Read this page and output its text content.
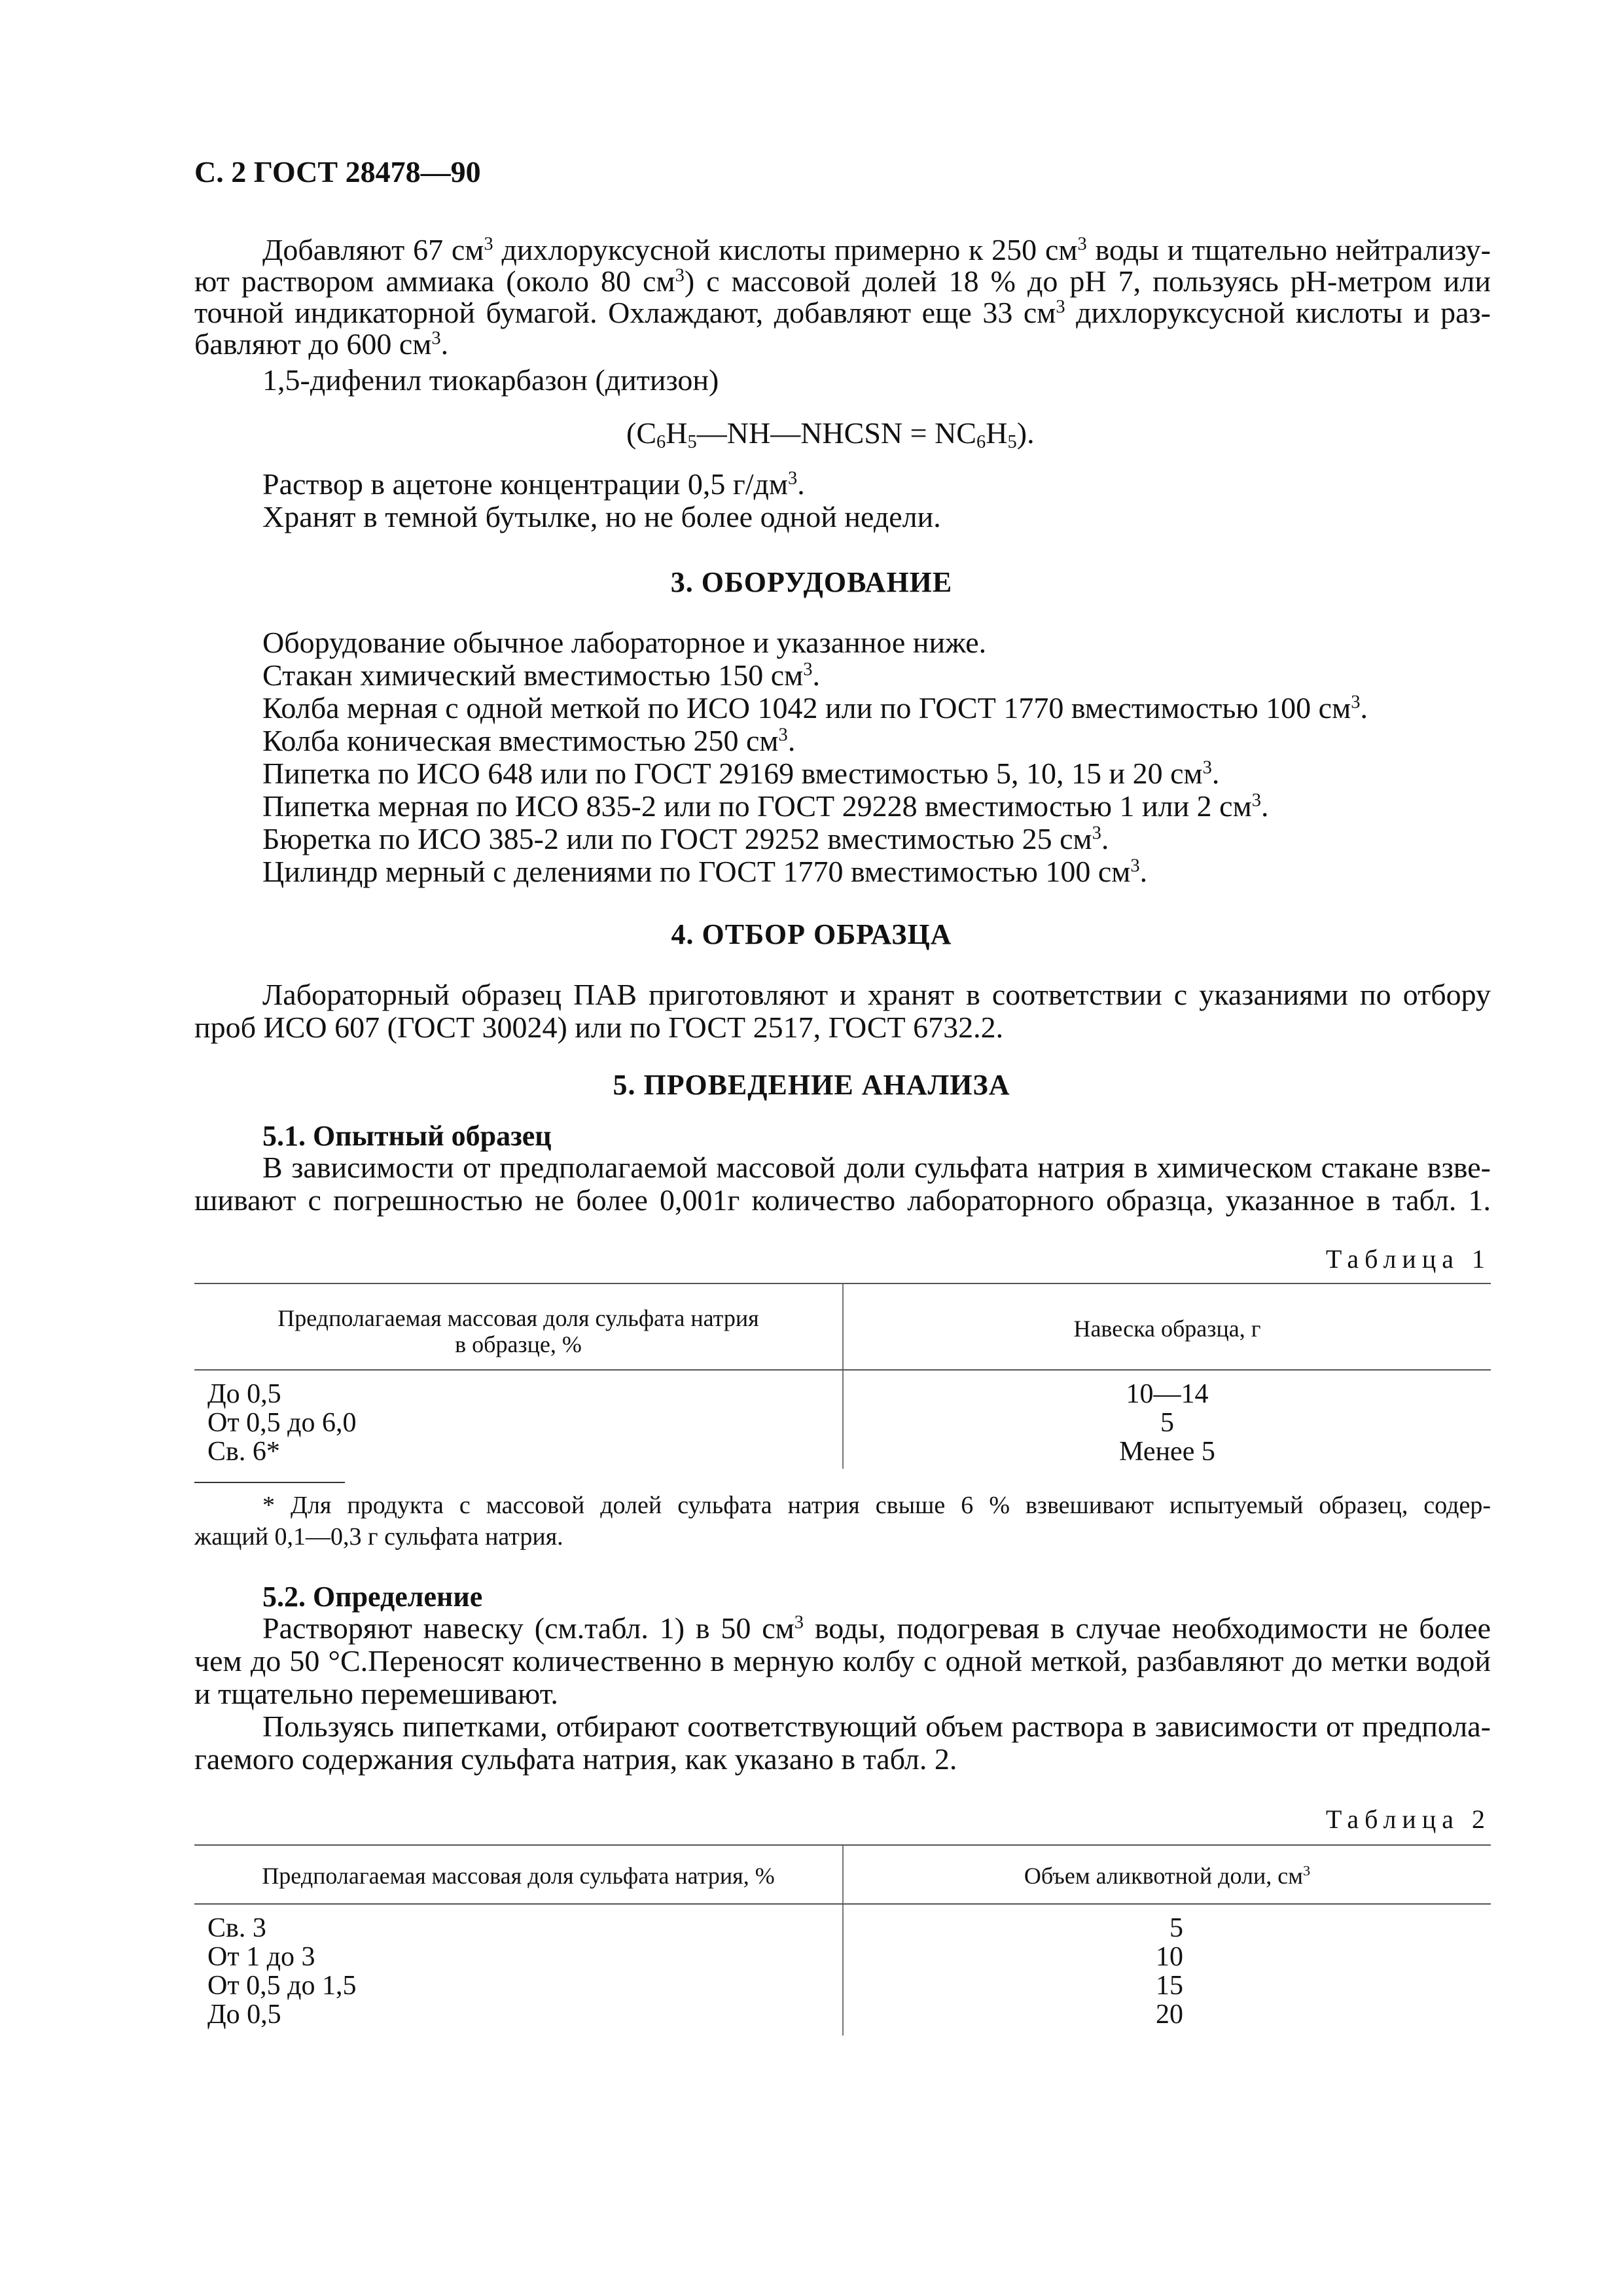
С. 2 ГОСТ 28478—90
Добавляют 67 $см^3$ дихлоруксусной кислоты примерно к 250 $см^3$ воды и тщательно нейтрализу-
ют раствором аммиака (около 80 $см^3$) с массовой долей 18 % до рН 7, пользуясь рН-метром или
точной индикаторной бумагой. Охлаждают, добавляют еще 33 $см^3$ дихлоруксусной кислоты и раз-
бавляют до 600 $см^3$.
1,5-дифенил тиокарбазон (дитизон)
$(C_6H_5—NH—NHCSN = NC_6H_5)$.
Раствор в ацетоне концентрации 0,5 $г/дм^3$.
Хранят в темной бутылке, но не более одной недели.
3. ОБОРУДОВАНИЕ
Оборудование обычное лабораторное и указанное ниже.
Стакан химический вместимостью 150 $см^3$.
Колба мерная с одной меткой по ИСО 1042 или по ГОСТ 1770 вместимостью 100 $см^3$.
Колба коническая вместимостью 250 $см^3$.
Пипетка по ИСО 648 или по ГОСТ 29169 вместимостью 5, 10, 15 и 20 $см^3$.
Пипетка мерная по ИСО 835-2 или по ГОСТ 29228 вместимостью 1 или 2 $см^3$.
Бюретка по ИСО 385-2 или по ГОСТ 29252 вместимостью 25 $см^3$.
Цилиндр мерный с делениями по ГОСТ 1770 вместимостью 100 $см^3$.
4. ОТБОР ОБРАЗЦА
Лабораторный образец ПАВ приготовляют и хранят в соответствии с указаниями по отбору
проб ИСО 607 (ГОСТ 30024) или по ГОСТ 2517, ГОСТ 6732.2.
5. ПРОВЕДЕНИЕ АНАЛИЗА
5.1. Опытный образец
В зависимости от предполагаемой массовой доли сульфата натрия в химическом стакане взве-
шивают с погрешностью не более 0,001г количество лабораторного образца, указанное в табл. 1.
Таблица 1
Предполагаемая массовая доля сульфата натрия
в образце, %
Навеска образца, г
До 0,5
От 0,5 до 6,0
Св. 6*
10—14
5
Менее 5
* Для продукта с массовой долей сульфата натрия свыше 6 % взвешивают испытуемый образец, содер-
жащий 0,1—0,3 г сульфата натрия.
5.2. Определение
Растворяют навеску (см.табл. 1) в 50 $см^3$ воды, подогревая в случае необходимости не более
чем до 50 °С.Переносят количественно в мерную колбу с одной меткой, разбавляют до метки водой
и тщательно перемешивают.
Пользуясь пипетками, отбирают соответствующий объем раствора в зависимости от предпола-
гаемого содержания сульфата натрия, как указано в табл. 2.
Таблица 2
Предполагаемая массовая доля сульфата натрия, %	Объем аликвотной доли, $см^3$
Св. 3
От 1 до 3
От 0,5 до 1,5
До 0,5
5
10
15
20
